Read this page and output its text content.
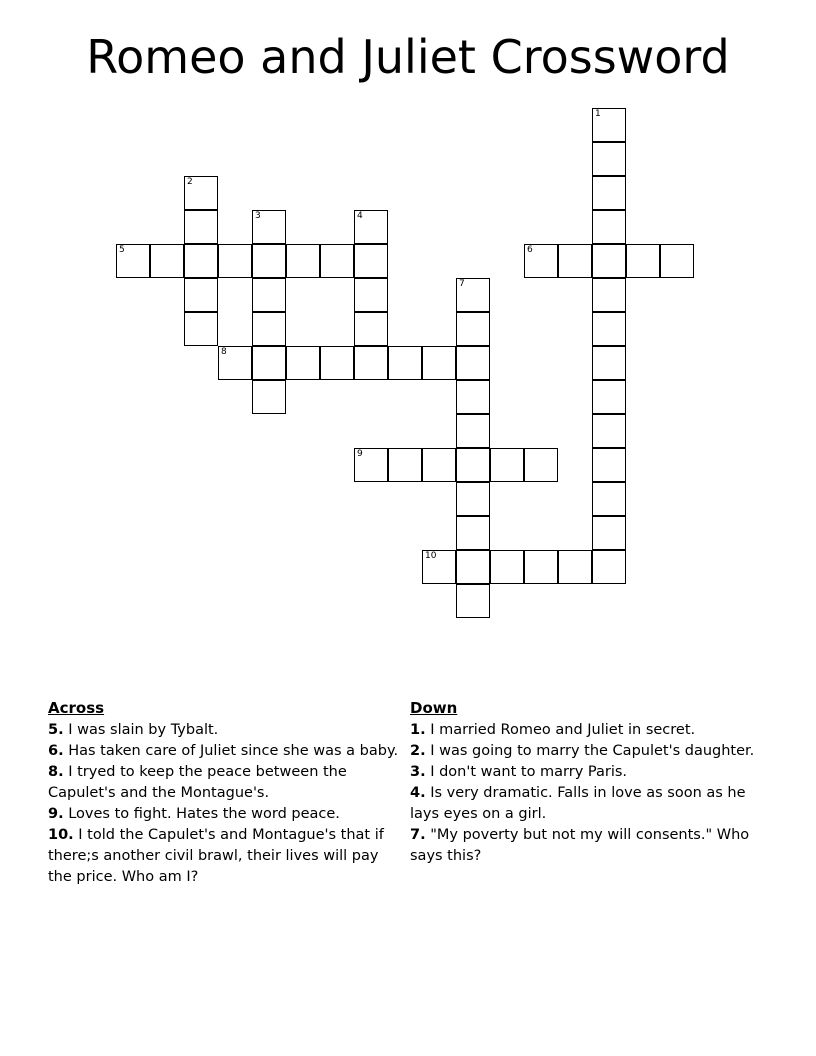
Romeo and Juliet Crossword
1
2
3	4
5	6
7
8
9
10
Across
5. I was slain by Tybalt.
6. Has taken care of Juliet since she was a baby.
8. I tryed to keep the peace between the Capulet's and the Montague's.
9. Loves to fight. Hates the word peace.
10. I told the Capulet's and Montague's that if there;s another civil brawl, their lives will pay the price. Who am I?
Down
1. I married Romeo and Juliet in secret.
2. I was going to marry the Capulet's daughter.
3. I don't want to marry Paris.
4. Is very dramatic. Falls in love as soon as he lays eyes on a girl.
7. "My poverty but not my will consents." Who says this?
